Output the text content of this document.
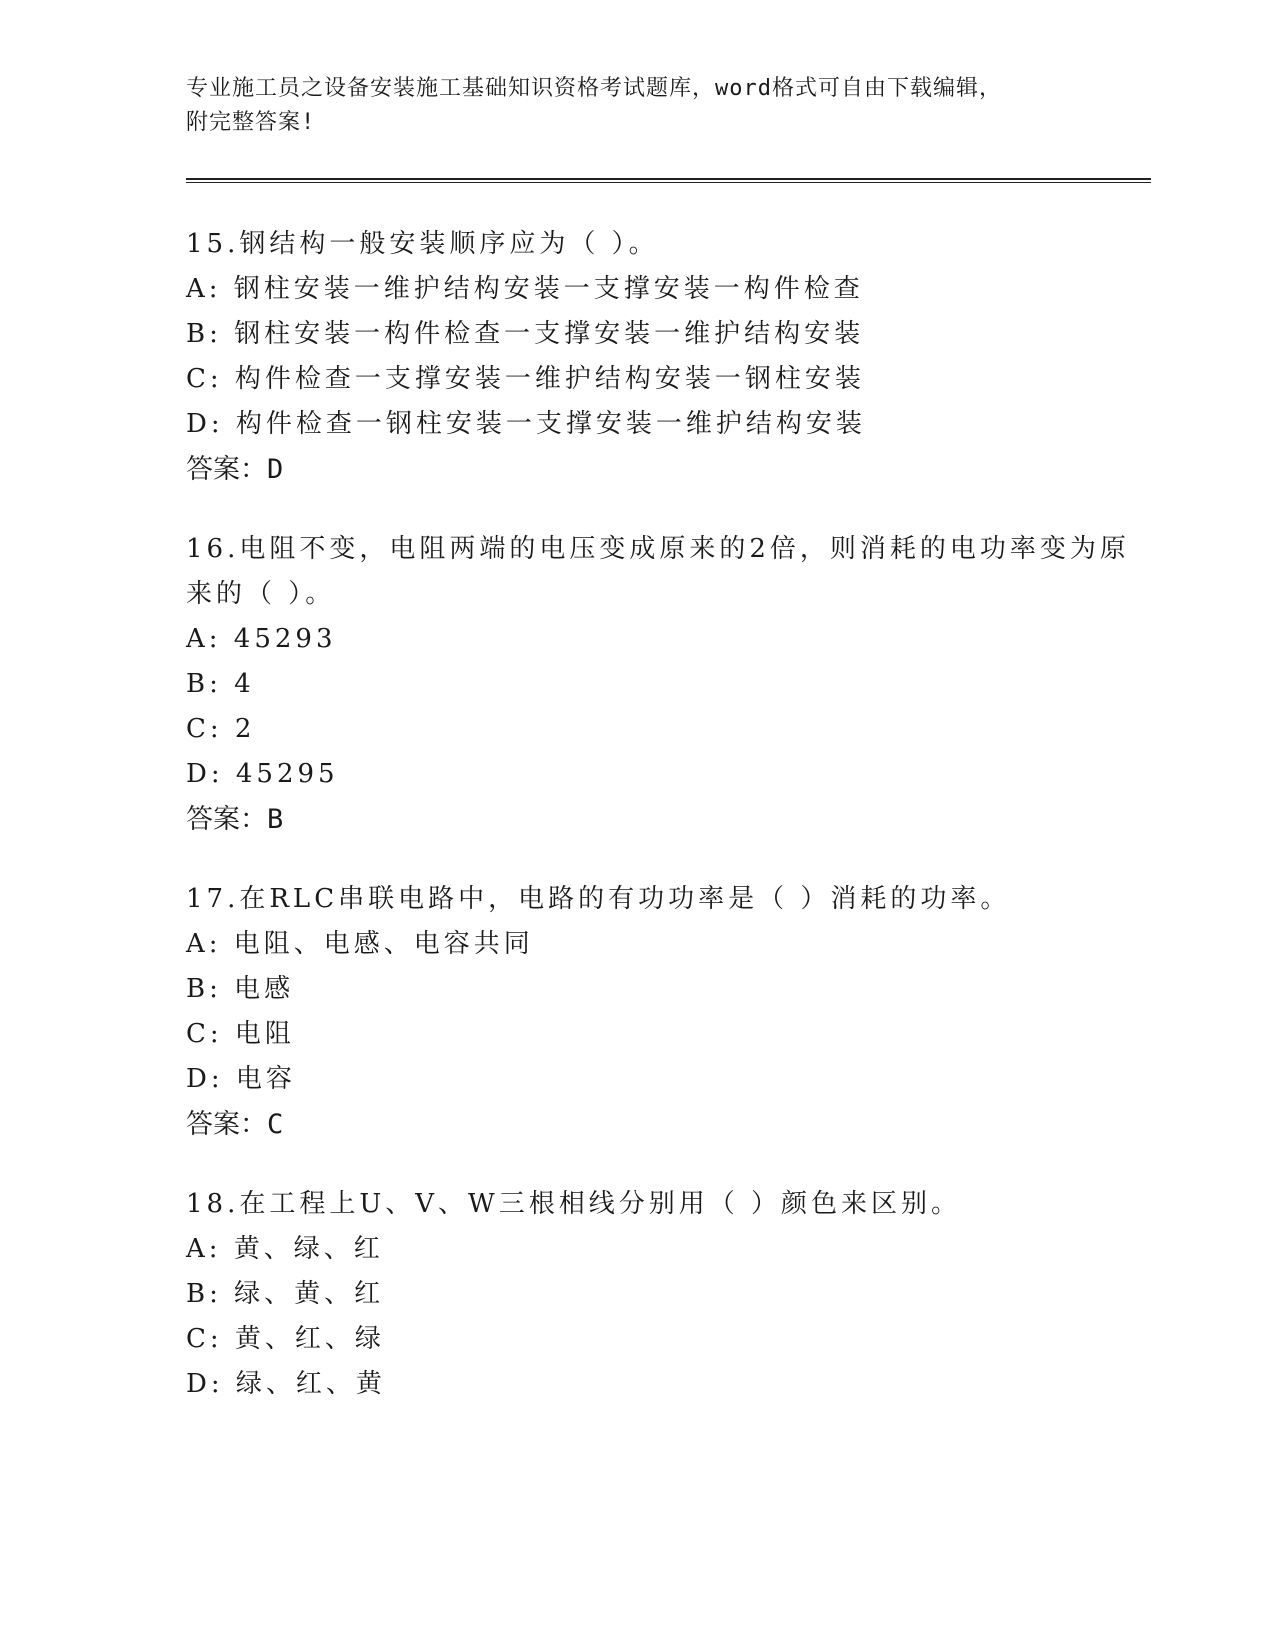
专业施工员之设备安装施工基础知识资格考试题库，word格式可自由下载编辑，
附完整答案!

15.钢结构一般安装顺序应为（ ）。

A: 钢柱安装一维护结构安装一支撑安装一构件检查

B: 钢柱安装一构件检查一支撑安装一维护结构安装

C: 构件检查一支撑安装一维护结构安装一钢柱安装

D: 构件检查一钢柱安装一支撑安装一维护结构安装

答案：D

16.电阻不变，电阻两端的电压变成原来的2倍，则消耗的电功率变为原来的（ ）。

A: 45293

B: 4

C: 2

D: 45295

答案：B

17.在RLC串联电路中，电路的有功功率是（ ）消耗的功率。

A: 电阻、电感、电容共同

B: 电感

C: 电阻

D: 电容

答案：C

18.在工程上U、V、W三根相线分别用（ ）颜色来区别。

A: 黄、绿、红

B: 绿、黄、红

C: 黄、红、绿

D: 绿、红、黄
